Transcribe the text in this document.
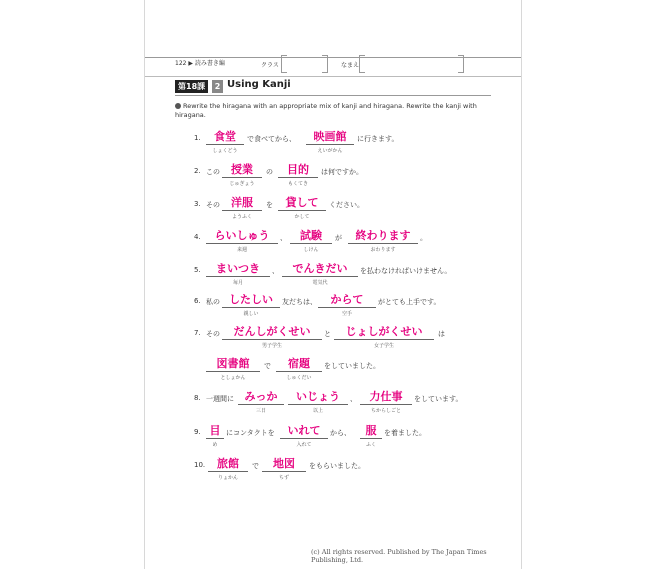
122 ▶ 読み書き編	クラス	なまえ
第18課	2 Using Kanji
Rewrite the hiragana with an appropriate mix of kanji and hiragana. Rewrite the kanji with hiragana.
1.	食堂
しょくどう
で食べてから、	映画館
えいがかん
に行きます。
2. この	授業
じゅぎょう
の	目的
もくてき
は何ですか。
3. その	洋服
ようふく
を	貸して
かして
ください。
4.	らいしゅう
来週
、	試験
しけん
が	終わります
おわります
。
5.	まいつき
毎月
、	でんきだい
電気代
を払わなければいけません。
6. 私の したしい
親しい
友だちは、	からて
空手
がとても上手です。
7. その	だんしがくせい
男子学生
と	じょしがくせい
女子学生
は
図書館
としょかん
で	宿題
しゅくだい
をしていました。
8. 一週間に みっか
三日
いじょう
以上
、	力仕事
ちからしごと
をしています。
9. 目
め
にコンタクトを	いれて
入れて
から、	服
ふく
を着ました。
10.	旅館
りょかん
で	地図
ちず
をもらいました。
(c) All rights reserved. Published by The Japan Times Publishing, Ltd.
